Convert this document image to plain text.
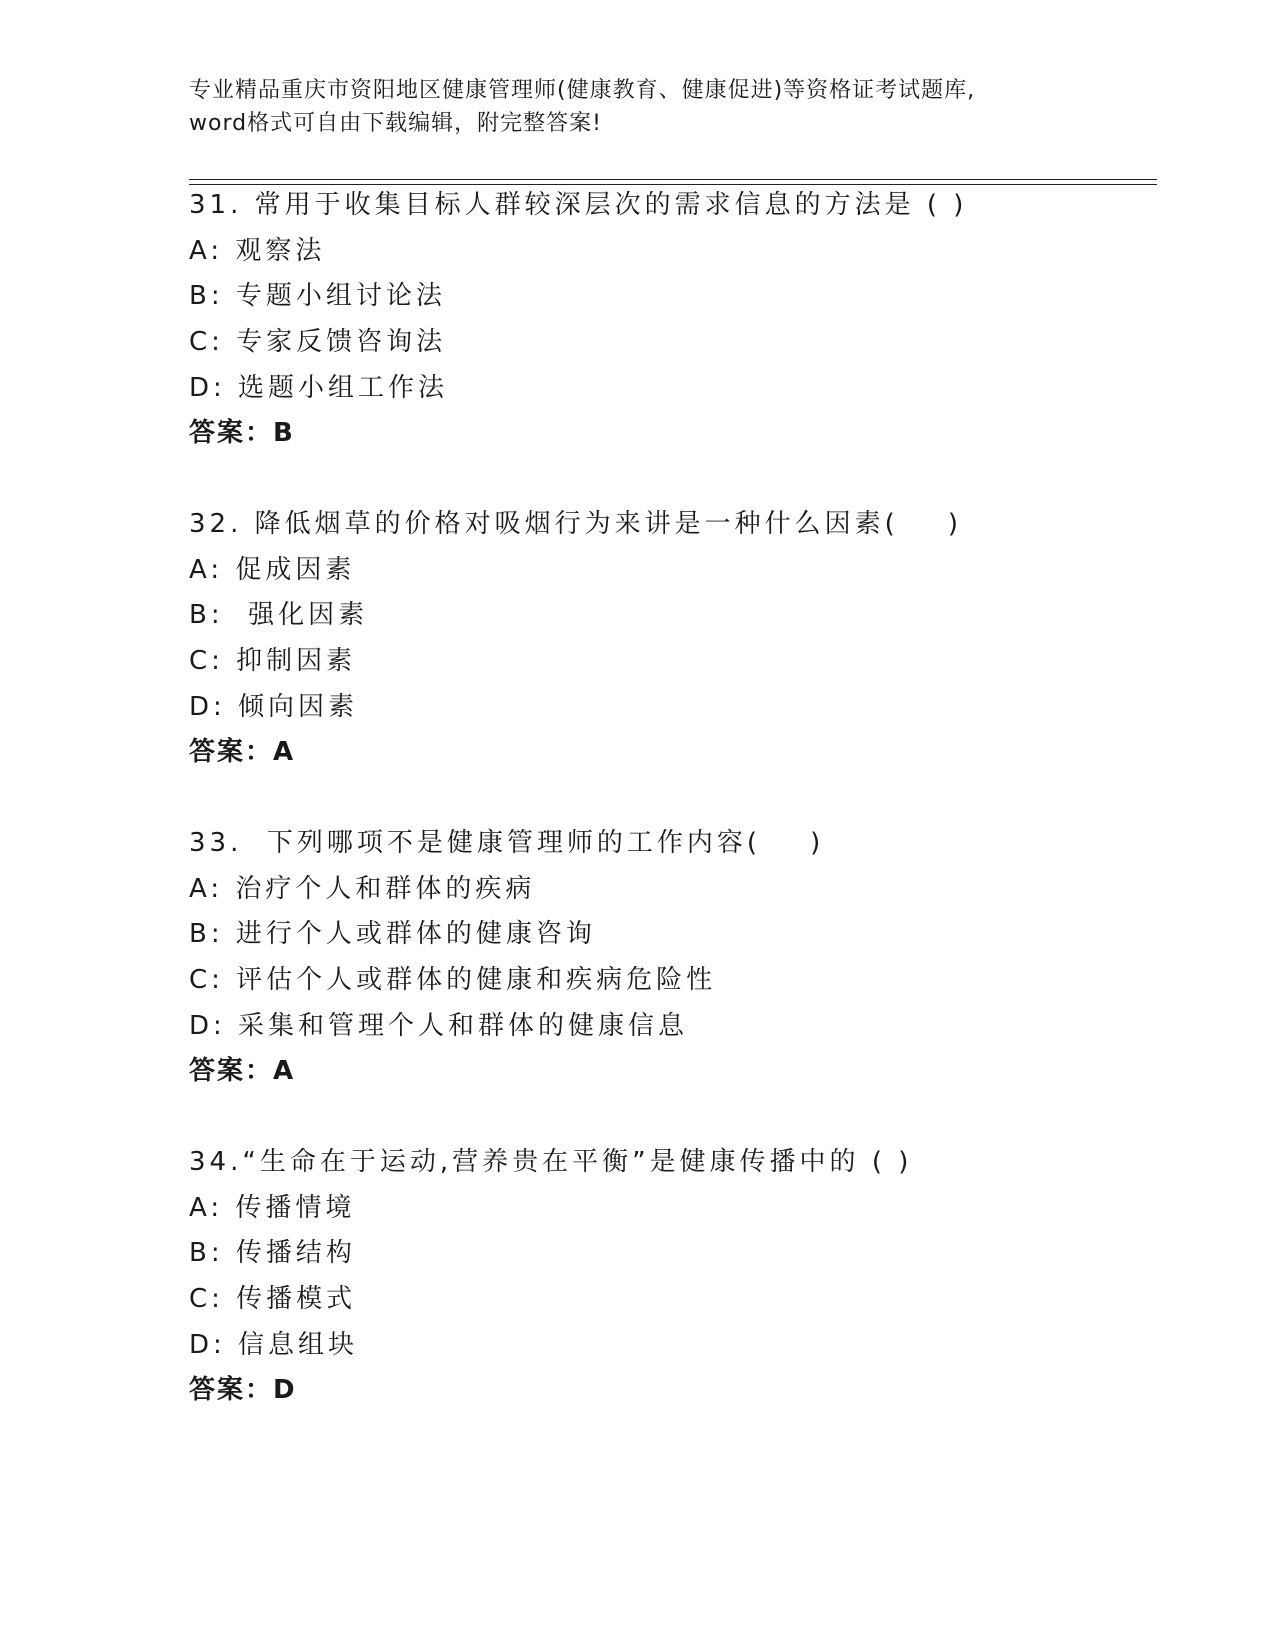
专业精品重庆市资阳地区健康管理师(健康教育、健康促进)等资格证考试题库,
word格式可自由下载编辑，附完整答案!
31. 常用于收集目标人群较深层次的需求信息的方法是 ( )
A: 观察法
B: 专题小组讨论法
C: 专家反馈咨询法
D: 选题小组工作法
答案：B
32. 降低烟草的价格对吸烟行为来讲是一种什么因素(    )
A: 促成因素
B:  强化因素
C: 抑制因素
D: 倾向因素
答案：A
33.  下列哪项不是健康管理师的工作内容(    )
A: 治疗个人和群体的疾病
B: 进行个人或群体的健康咨询
C: 评估个人或群体的健康和疾病危险性
D: 采集和管理个人和群体的健康信息
答案：A
34.“生命在于运动,营养贵在平衡”是健康传播中的 ( )
A: 传播情境
B: 传播结构
C: 传播模式
D: 信息组块
答案：D
